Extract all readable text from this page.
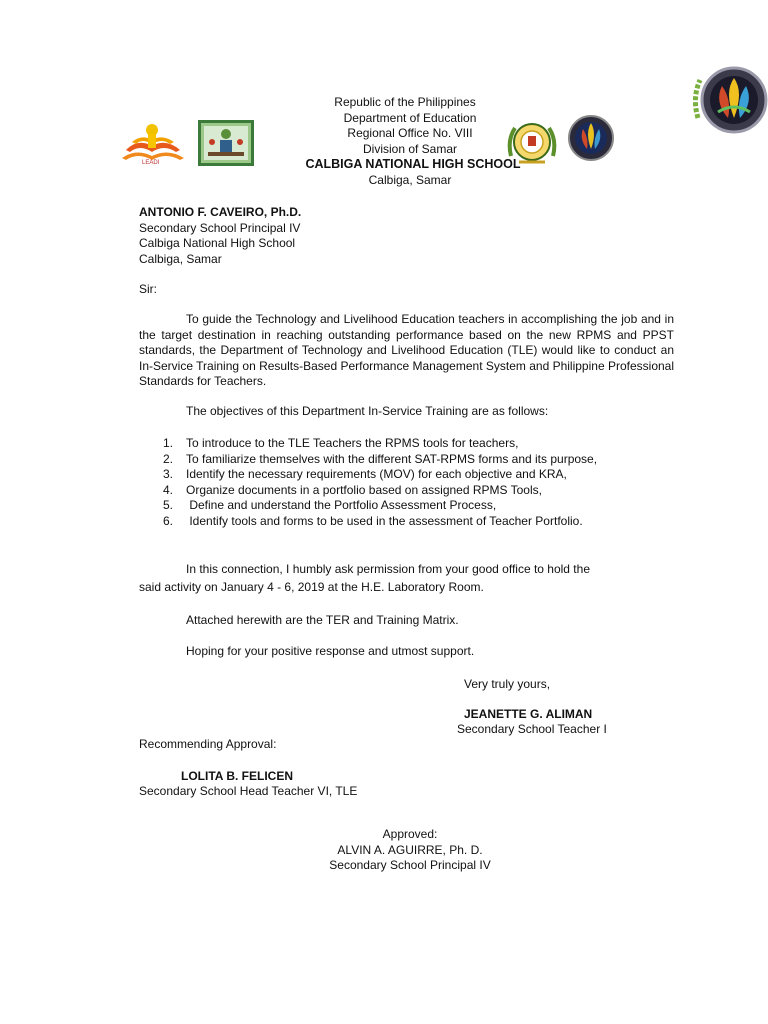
LEADI
Republic of the Philippines
Department of Education
Regional Office No. VIII
Division of Samar
CALBIGA NATIONAL HIGH SCHOOL
Calbiga, Samar
ANTONIO F. CAVEIRO, Ph.D.
Secondary School Principal IV
Calbiga National High School
Calbiga, Samar
Sir:
To guide the Technology and Livelihood Education teachers in accomplishing the job and in the target destination in reaching outstanding performance based on the new RPMS and PPST standards, the Department of Technology and Livelihood Education (TLE) would like to conduct an In-Service Training on Results-Based Performance Management System and Philippine Professional Standards for Teachers.
The objectives of this Department In-Service Training are as follows:
1.	To introduce to the TLE Teachers the RPMS tools for teachers,
2.	To familiarize themselves with the different SAT-RPMS forms and its purpose,
3.	Identify the necessary requirements (MOV) for each objective and KRA,
4.	Organize documents in a portfolio based on assigned RPMS Tools,
5.	Define and understand the Portfolio Assessment Process,
6.	Identify tools and forms to be used in the assessment of Teacher Portfolio.
In this connection, I humbly ask permission from your good office to hold the
said activity on January 4 - 6, 2019 at the H.E. Laboratory Room.
Attached herewith are the TER and Training Matrix.
Hoping for your positive response and utmost support.
Very truly yours,
JEANETTE G. ALIMAN
Secondary School Teacher I
Recommending Approval:
LOLITA B. FELICEN
Secondary School Head Teacher VI, TLE
Approved:
ALVIN A. AGUIRRE, Ph. D.
Secondary School Principal IV
